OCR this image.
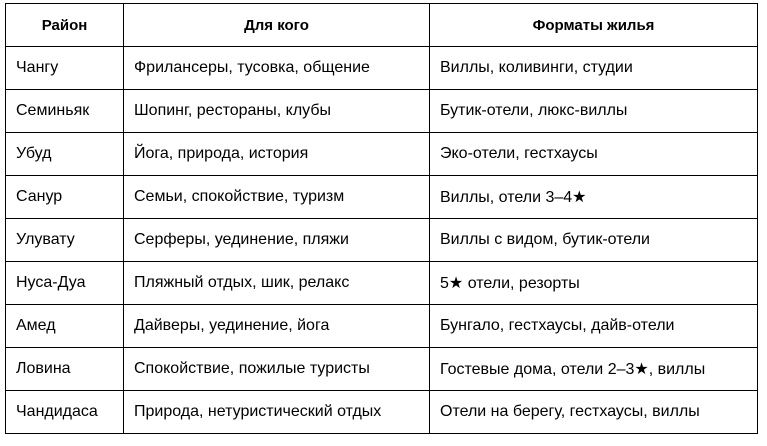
Район	Для кого	Форматы жилья
Чангу	Фрилансеры, тусовка, общение	Виллы, коливинги, студии
Семиньяк	Шопинг, рестораны, клубы	Бутик-отели, люкс-виллы
Убуд	Йога, природа, история	Эко-отели, гестхаусы
Санур	Семьи, спокойствие, туризм	Виллы, отели 3–4★
Улувату	Серферы, уединение, пляжи	Виллы с видом, бутик-отели
Нуса-Дуа	Пляжный отдых, шик, релакс	5★ отели, резорты
Амед	Дайверы, уединение, йога	Бунгало, гестхаусы, дайв-отели
Ловина	Спокойствие, пожилые туристы	Гостевые дома, отели 2–3★, виллы
Чандидаса	Природа, нетуристический отдых	Отели на берегу, гестхаусы, виллы
